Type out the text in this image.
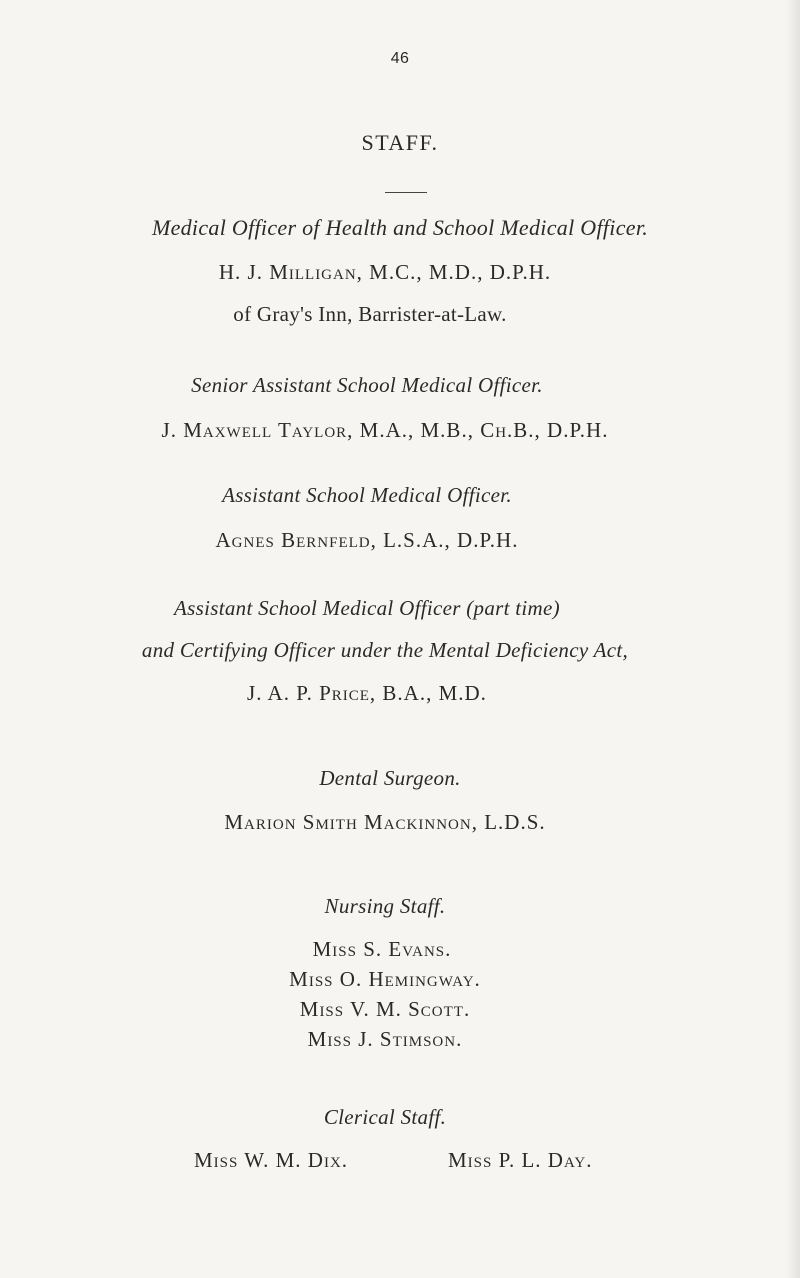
46
STAFF.
Medical Officer of Health and School Medical Officer.
H. J. Milligan, M.C., M.D., D.P.H.
of Gray's Inn, Barrister-at-Law.
Senior Assistant School Medical Officer.
J. Maxwell Taylor, M.A., M.B., Ch.B., D.P.H.
Assistant School Medical Officer.
Agnes Bernfeld, L.S.A., D.P.H.
Assistant School Medical Officer (part time)
and Certifying Officer under the Mental Deficiency Act,
J. A. P. Price, B.A., M.D.
Dental Surgeon.
Marion Smith Mackinnon, L.D.S.
Nursing Staff.
Miss S. Evans.
Miss O. Hemingway.
Miss V. M. Scott.
Miss J. Stimson.
Clerical Staff.
Miss W. M. Dix.	Miss P. L. Day.
